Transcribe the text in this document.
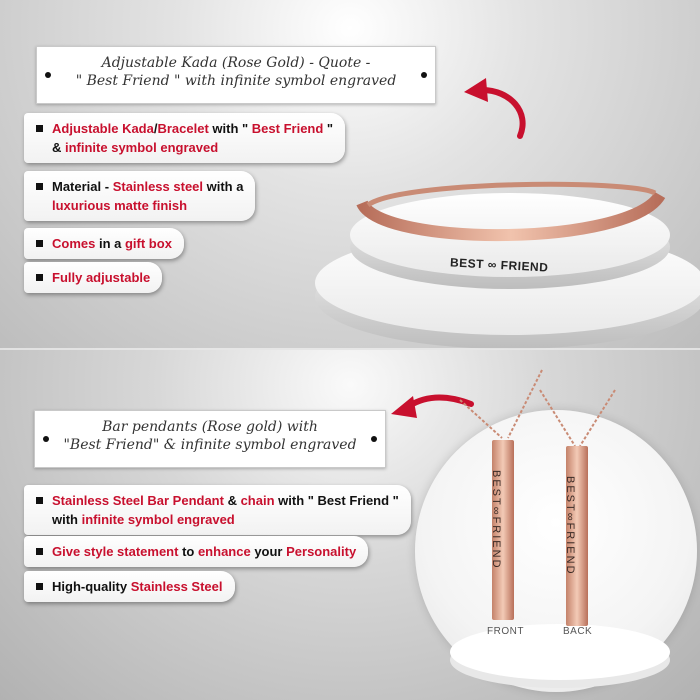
Adjustable Kada (Rose Gold) - Quote -
" Best Friend " with infinite symbol engraved
Adjustable Kada/Bracelet with " Best Friend "
& infinite symbol engraved
Material - Stainless steel with a
luxurious matte finish
Comes in a gift box
Fully adjustable
BEST ∞ FRIEND
Bar pendants (Rose gold) with
"Best Friend" & infinite symbol engraved
Stainless Steel Bar Pendant & chain with " Best Friend "
with infinite symbol engraved
Give style statement to enhance your Personality
High-quality Stainless Steel
BEST∞FRIEND	BEST∞FRIEND
FRONT	BACK
